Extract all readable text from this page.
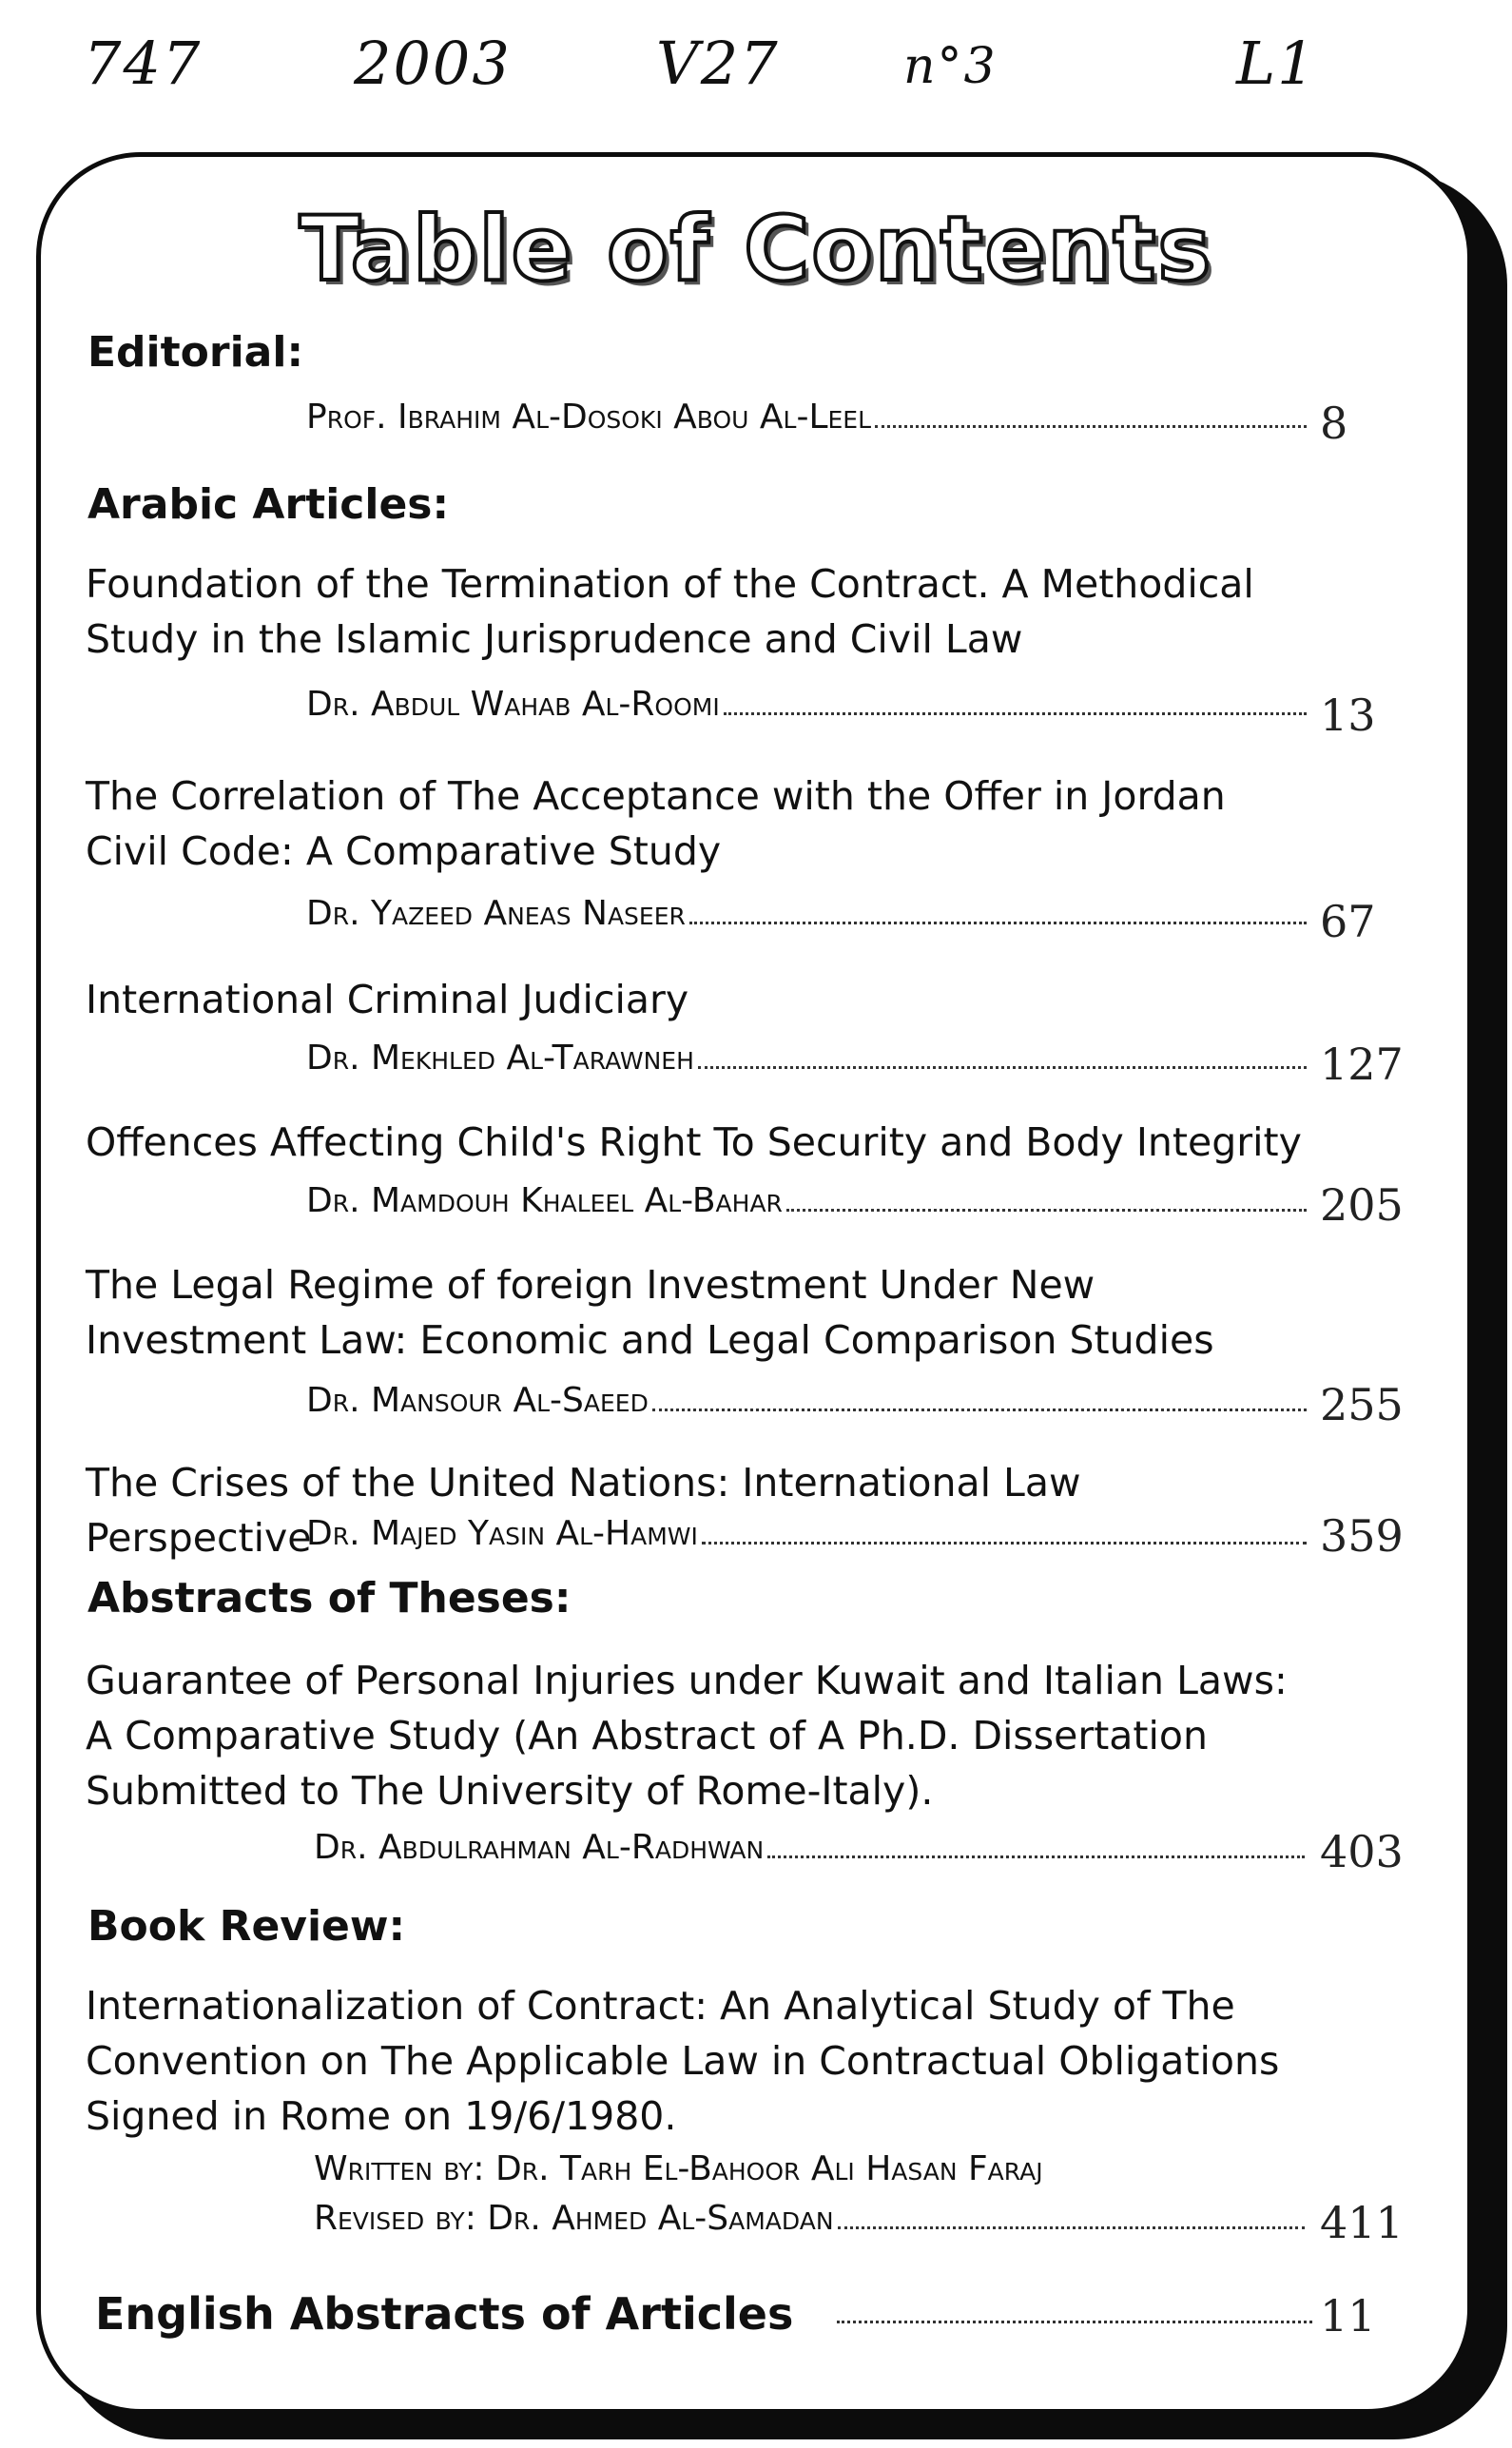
747	2003 V27	n°3	L1
Table of Contents
Editorial:
Prof. Ibrahim Al-Dosoki Abou Al-Leel	8
Arabic Articles:
Foundation of the Termination of the Contract. A Methodical Study in the Islamic Jurisprudence and Civil Law
Dr. Abdul Wahab Al-Roomi	13
The Correlation of The Acceptance with the Offer in Jordan Civil Code: A Comparative Study
Dr. Yazeed Aneas Naseer	67
International Criminal Judiciary
Dr. Mekhled Al-Tarawneh	127
Offences Affecting Child's Right To Security and Body Integrity
Dr. Mamdouh Khaleel Al-Bahar	205
The Legal Regime of foreign Investment Under New Investment Law: Economic and Legal Comparison Studies
Dr. Mansour Al-Saeed	255
The Crises of the United Nations: International Law Perspective
Dr. Majed Yasin Al-Hamwi	359
Abstracts of Theses:
Guarantee of Personal Injuries under Kuwait and Italian Laws: A Comparative Study (An Abstract of A Ph.D. Dissertation Submitted to The University of Rome-Italy).
Dr. Abdulrahman Al-Radhwan	403
Book Review:
Internationalization of Contract: An Analytical Study of The Convention on The Applicable Law in Contractual Obligations Signed in Rome on 19/6/1980.
Written by: Dr. Tarh El-Bahoor Ali Hasan Faraj
Revised by: Dr. Ahmed Al-Samadan	411
English Abstracts of Articles	11
